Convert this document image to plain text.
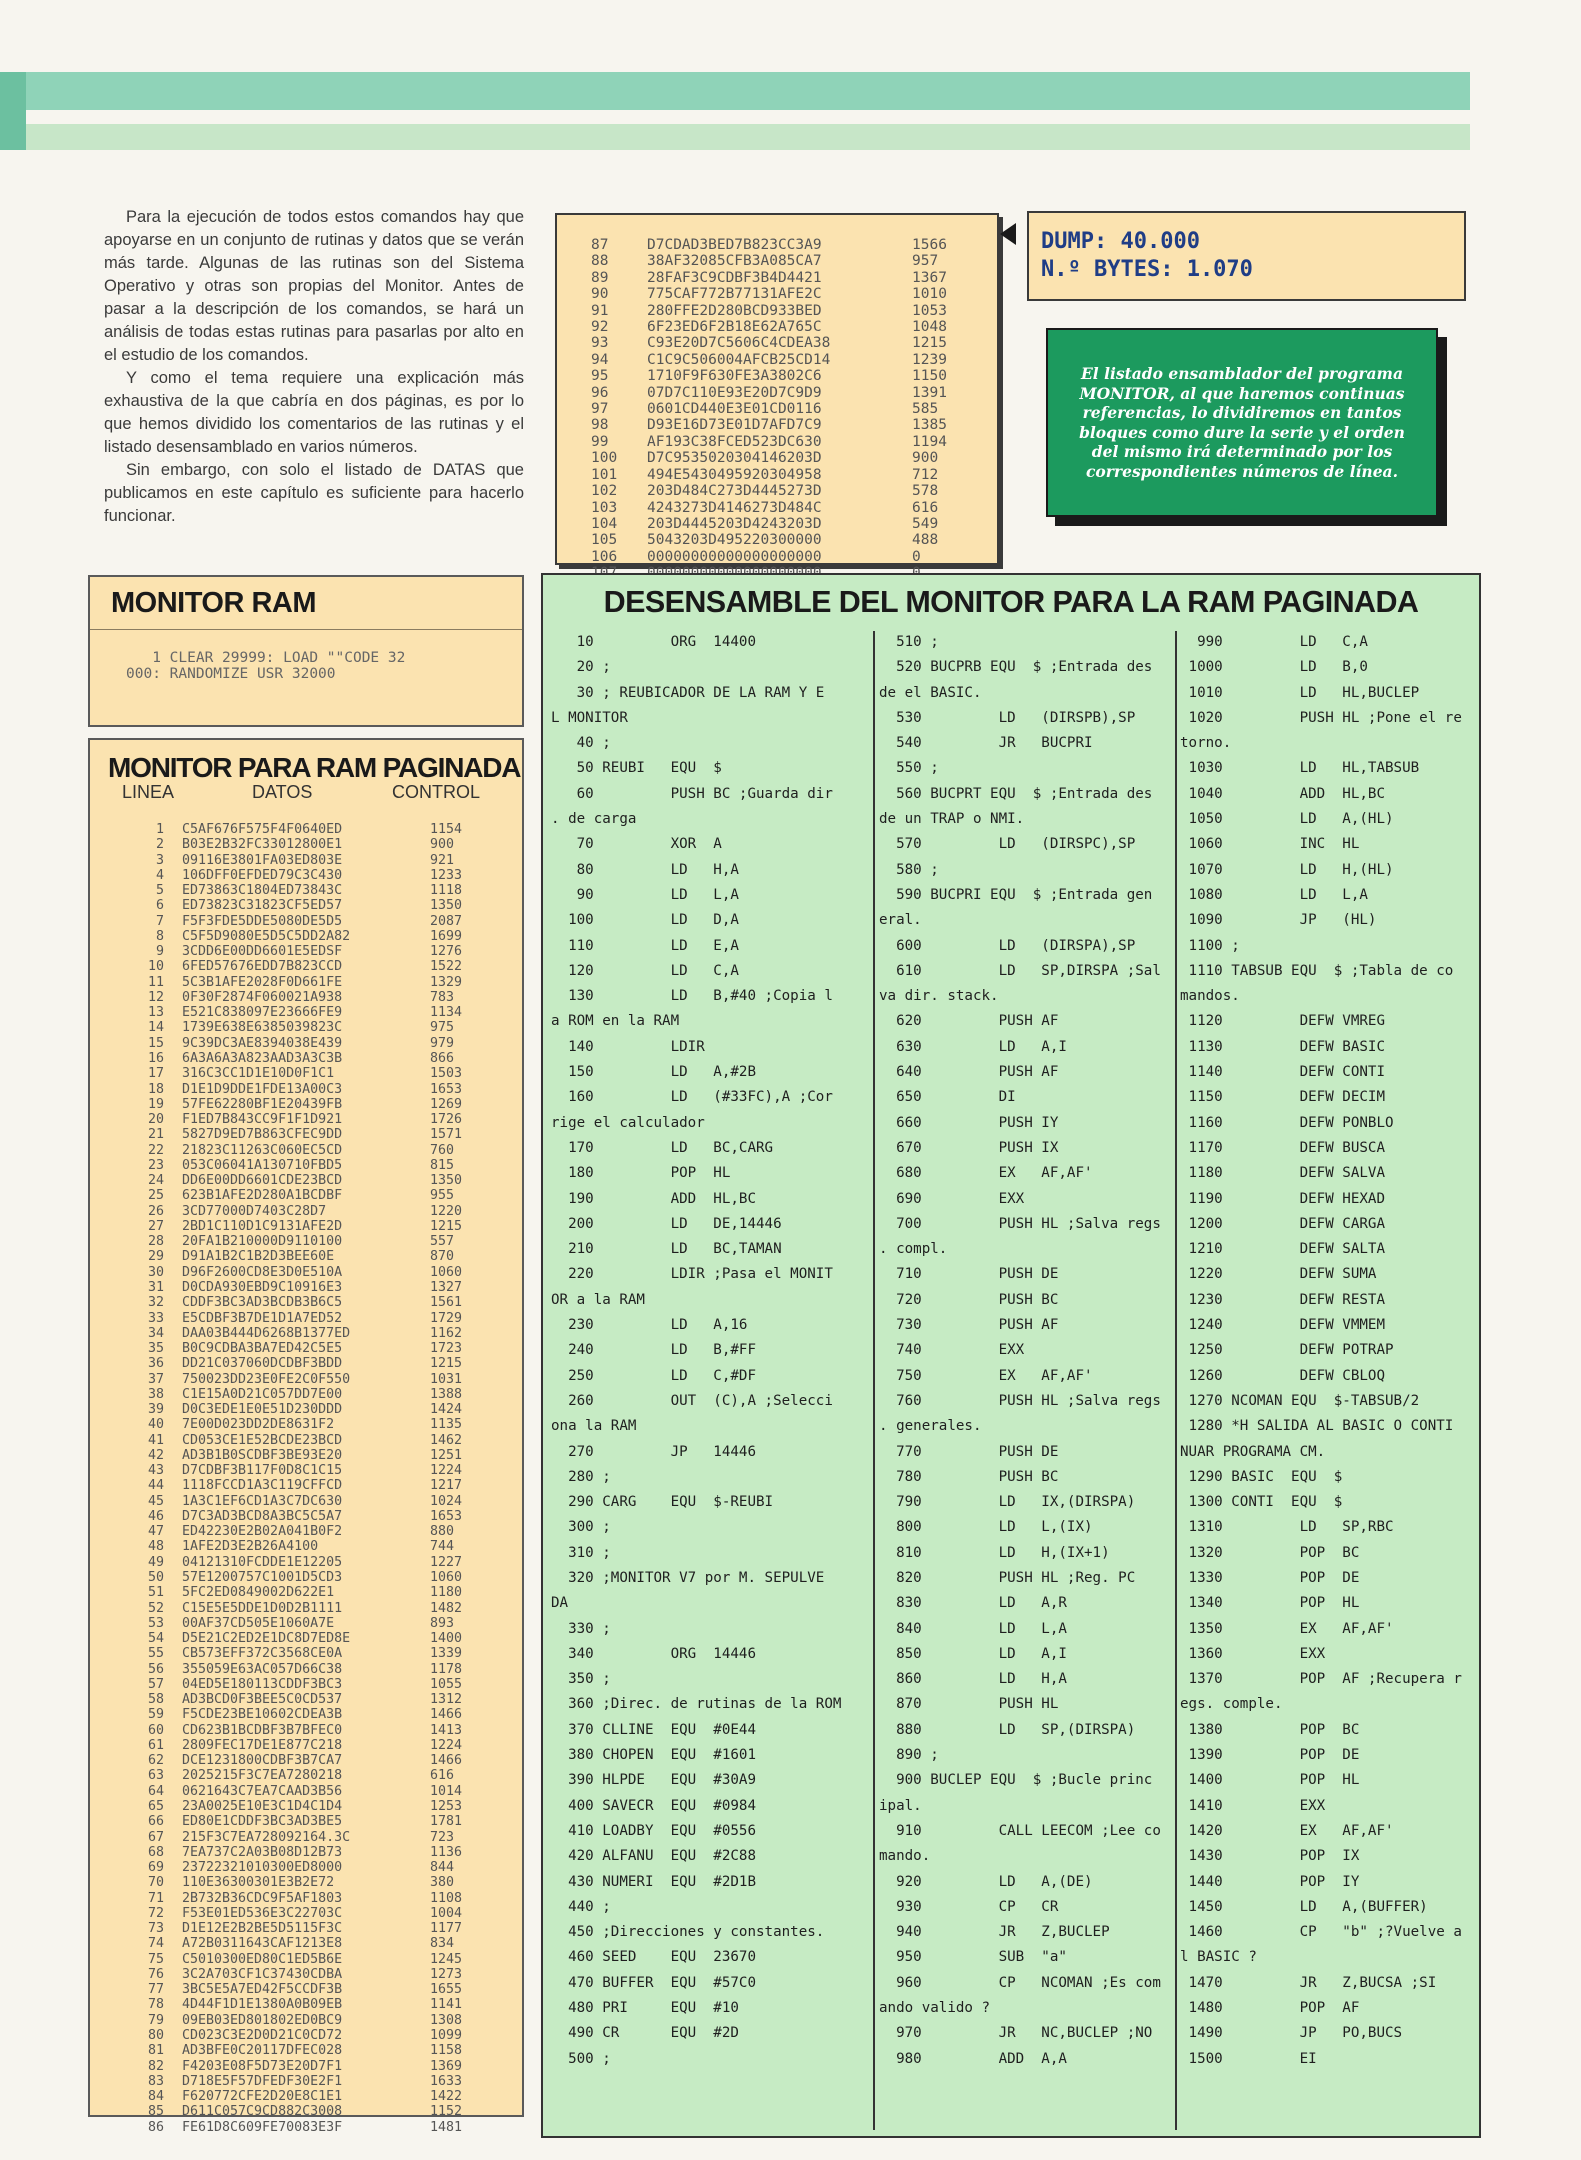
Para la ejecución de todos estos comandos hay que apoyarse en un conjunto de rutinas y datos que se verán más tarde. Algunas de las rutinas son del Sistema Operativo y otras son propias del Monitor. Antes de pasar a la descripción de los comandos, se hará un análisis de todas estas rutinas para pasarlas por alto en el estudio de los comandos.

Y como el tema requiere una explicación más exhaustiva de la que cabría en dos páginas, es por lo que hemos dividido los comentarios de las rutinas y el listado desensamblado en varios números.

Sin embargo, con solo el listado de DATAS que publicamos en este capítulo es suficiente para hacerlo funcionar.

87	D7CDAD3BED7B823CC3A9	1566
88	38AF32085CFB3A085CA7	957
89	28FAF3C9CDBF3B4D4421	1367
90	775CAF772B77131AFE2C	1010
91	280FFE2D280BCD933BED	1053
92	6F23ED6F2B18E62A765C	1048
93	C93E20D7C5606C4CDEA38	1215
94	C1C9C506004AFCB25CD14	1239
95	1710F9F630FE3A3802C6	1150
96	07D7C110E93E20D7C9D9	1391
97	0601CD440E3E01CD0116	585
98	D93E16D73E01D7AFD7C9	1385
99	AF193C38FCED523DC630	1194
100	D7C9535020304146203D	900
101	494E5430495920304958	712
102	203D484C273D4445273D	578
103	4243273D4146273D484C	616
104	203D4445203D4243203D	549
105	5043203D495220300000	488
106	00000000000000000000	0
DUMP: 40.000
N.º BYTES: 1.070
El listado ensamblador del programa MONITOR, al que haremos continuas referencias, lo dividiremos en tantos bloques como dure la serie y el orden del mismo irá determinado por los correspondientes números de línea.
MONITOR RAM
1 CLEAR 29999: LOAD ""CODE 32
000: RANDOMIZE USR 32000
MONITOR PARA RAM PAGINADA
LINEA	DATOS	CONTROL
1 C5AF676F575F4F0640ED	1154
2 B03E2B32FC33012800E1	900
3 09116E3801FA03ED803E	921
4 106DFF0EFDED79C3C430	1233
5 ED73863C1804ED73843C	1118
6 ED73823C31823CF5ED57	1350
7 F5F3FDE5DDE5080DE5D5	2087
8 C5F5D9080E5D5C5DD2A82	1699
9 3CDD6E00DD6601E5EDSF	1276
10 6FED57676EDD7B823CCD	1522
11 5C3B1AFE2028F0D661FE	1329
12 0F30F2874F060021A938	783
13 E521C838097E23666FE9	1134
14 1739E638E6385039823C	975
15 9C39DC3AE8394038E439	979
16 6A3A6A3A823AAD3A3C3B	866
17 316C3CC1D1E10D0F1C1	1503
18 D1E1D9DDE1FDE13A00C3	1653
19 57FE62280BF1E20439FB	1269
20 F1ED7B843CC9F1F1D921	1726
21 5827D9ED7B863CFEC9DD	1571
22 21823C11263C060EC5CD	760
23 053C06041A130710FBD5	815
24 DD6E00DD6601CDE23BCD	1350
25 623B1AFE2D280A1BCDBF	955
26 3CD77000D7403C28D7	1220
27 2BD1C110D1C9131AFE2D	1215
28 20FA1B210000D9110100	557
29 D91A1B2C1B2D3BEE60E	870
30 D96F2600CD8E3D0E510A	1060
31 D0CDA930EBD9C10916E3	1327
32 CDDF3BC3AD3BCDB3B6C5	1561
33 E5CDBF3B7DE1D1A7ED52	1729
34 DAA03B444D6268B1377ED	1162
35 B0C9CDBA3BA7ED42C5E5	1723
36 DD21C037060DCDBF3BDD	1215
37 750023DD23E0FE2C0F550	1031
38 C1E15A0D21C057DD7E00	1388
39 D0C3EDE1E0E51D230DDD	1424
40 7E00D023DD2DE8631F2	1135
41 CD053CE1E52BCDE23BCD	1462
42 AD3B1B0SCDBF3BE93E20	1251
43 D7CDBF3B117F0D8C1C15	1224
44 1118FCCD1A3C119CFFCD	1217
45 1A3C1EF6CD1A3C7DC630	1024
46 D7C3AD3BCD8A3BC5C5A7	1653
47 ED42230E2B02A041B0F2	880
48 1AFE2D3E2B26A4100	744
49 04121310FCDDE1E12205	1227
50 57E1200757C1001D5CD3	1060
51 5FC2ED0849002D622E1	1180
52 C15E5E5DDE1D0D2B1111	1482
53 00AF37CD505E1060A7E	893
54 D5E21C2ED2E1DC8D7ED8E	1400
55 CB573EFF372C3568CE0A	1339
56 355059E63AC057D66C38	1178
57 04ED5E180113CDDF3BC3	1055
58 AD3BCD0F3BEE5C0CD537	1312
59 F5CDE23BE10602CDEA3B	1466
60 CD623B1BCDBF3B7BFEC0	1413
61 2809FEC17DE1E877C218	1224
62 DCE1231800CDBF3B7CA7	1466
63 2025215F3C7EA7280218	616
64 0621643C7EA7CAAD3B56	1014
65 23A0025E10E3C1D4C1D4	1253
66 ED80E1CDDF3BC3AD3BE5	1781
67 215F3C7EA728092164.3C	723
68 7EA737C2A03B08D12B73	1136
69 23722321010300ED8000	844
70 110E36300301E3B2E72	380
71 2B732B36CDC9F5AF1803	1108
72 F53E01ED536E3C22703C	1004
73 D1E12E2B2BE5D5115F3C	1177
74 A72B0311643CAF1213E8	834
75 C5010300ED80C1ED5B6E	1245
76 3C2A703CF1C37430CDBA	1273
77 3BC5E5A7ED42F5CCDF3B	1655
78 4D44F1D1E1380A0B09EB	1141
79 09EB03ED801802ED0BC9	1308
80 CD023C3E2D0D21C0CD72	1099
81 AD3BFE0C20117DFEC028	1158
82 F4203E08F5D73E20D7F1	1369
83 D718E5F57DFEDF30E2F1	1633
84 F620772CFE2D20E8C1E1	1422
85 D611C057C9CD882C3008	1152
86 FE61D8C609FE70083E3F	1481
DESENSAMBLE DEL MONITOR PARA LA RAM PAGINADA
10         ORG  14400
20 ;
30 ; REUBICADOR DE LA RAM Y E
L MONITOR
40 ;
50 REUBI   EQU  $
60         PUSH BC ;Guarda dir
. de carga
70         XOR  A
80         LD   H,A
90         LD   L,A
100         LD   D,A
110         LD   E,A
120         LD   C,A
130         LD   B,#40 ;Copia l
a ROM en la RAM
140         LDIR
150         LD   A,#2B
160         LD   (#33FC),A ;Cor
rige el calculador
170         LD   BC,CARG
180         POP  HL
190         ADD  HL,BC
200         LD   DE,14446
210         LD   BC,TAMAN
220         LDIR ;Pasa el MONIT
OR a la RAM
230         LD   A,16
240         LD   B,#FF
250         LD   C,#DF
260         OUT  (C),A ;Selecci
ona la RAM
270         JP   14446
280 ;
290 CARG    EQU  $-REUBI
300 ;
310 ;
320 ;MONITOR V7 por M. SEPULVE
DA
330 ;
340         ORG  14446
350 ;
360 ;Direc. de rutinas de la ROM
370 CLLINE  EQU  #0E44
380 CHOPEN  EQU  #1601
390 HLPDE   EQU  #30A9
400 SAVECR  EQU  #0984
410 LOADBY  EQU  #0556
420 ALFANU  EQU  #2C88
430 NUMERI  EQU  #2D1B
440 ;
450 ;Direcciones y constantes.
460 SEED    EQU  23670
470 BUFFER  EQU  #57C0
480 PRI     EQU  #10
490 CR      EQU  #2D
500 ;
510 ;
520 BUCPRB EQU  $ ;Entrada des
de el BASIC.
530         LD   (DIRSPB),SP
540         JR   BUCPRI
550 ;
560 BUCPRT EQU  $ ;Entrada des
de un TRAP o NMI.
570         LD   (DIRSPC),SP
580 ;
590 BUCPRI EQU  $ ;Entrada gen
eral.
600         LD   (DIRSPA),SP
610         LD   SP,DIRSPA ;Sal
va dir. stack.
620         PUSH AF
630         LD   A,I
640         PUSH AF
650         DI
660         PUSH IY
670         PUSH IX
680         EX   AF,AF'
690         EXX
700         PUSH HL ;Salva regs
. compl.
710         PUSH DE
720         PUSH BC
730         PUSH AF
740         EXX
750         EX   AF,AF'
760         PUSH HL ;Salva regs
. generales.
770         PUSH DE
780         PUSH BC
790         LD   IX,(DIRSPA)
800         LD   L,(IX)
810         LD   H,(IX+1)
820         PUSH HL ;Reg. PC
830         LD   A,R
840         LD   L,A
850         LD   A,I
860         LD   H,A
870         PUSH HL
880         LD   SP,(DIRSPA)
890 ;
900 BUCLEP EQU  $ ;Bucle princ
ipal.
910         CALL LEECOM ;Lee co
mando.
920         LD   A,(DE)
930         CP   CR
940         JR   Z,BUCLEP
950         SUB  "a"
960         CP   NCOMAN ;Es com
ando valido ?
970         JR   NC,BUCLEP ;NO
980         ADD  A,A
990         LD   C,A
1000         LD   B,0
1010         LD   HL,BUCLEP
1020         PUSH HL ;Pone el re
torno.
1030         LD   HL,TABSUB
1040         ADD  HL,BC
1050         LD   A,(HL)
1060         INC  HL
1070         LD   H,(HL)
1080         LD   L,A
1090         JP   (HL)
1100 ;
1110 TABSUB EQU  $ ;Tabla de co
mandos.
1120         DEFW VMREG
1130         DEFW BASIC
1140         DEFW CONTI
1150         DEFW DECIM
1160         DEFW PONBLO
1170         DEFW BUSCA
1180         DEFW SALVA
1190         DEFW HEXAD
1200         DEFW CARGA
1210         DEFW SALTA
1220         DEFW SUMA
1230         DEFW RESTA
1240         DEFW VMMEM
1250         DEFW POTRAP
1260         DEFW CBLOQ
1270 NCOMAN EQU  $-TABSUB/2
1280 *H SALIDA AL BASIC O CONTI
NUAR PROGRAMA CM.
1290 BASIC  EQU  $
1300 CONTI  EQU  $
1310         LD   SP,RBC
1320         POP  BC
1330         POP  DE
1340         POP  HL
1350         EX   AF,AF'
1360         EXX
1370         POP  AF ;Recupera r
egs. comple.
1380         POP  BC
1390         POP  DE
1400         POP  HL
1410         EXX
1420         EX   AF,AF'
1430         POP  IX
1440         POP  IY
1450         LD   A,(BUFFER)
1460         CP   "b" ;?Vuelve a
l BASIC ?
1470         JR   Z,BUCSA ;SI
1480         POP  AF
1490         JP   PO,BUCS
1500         EI
